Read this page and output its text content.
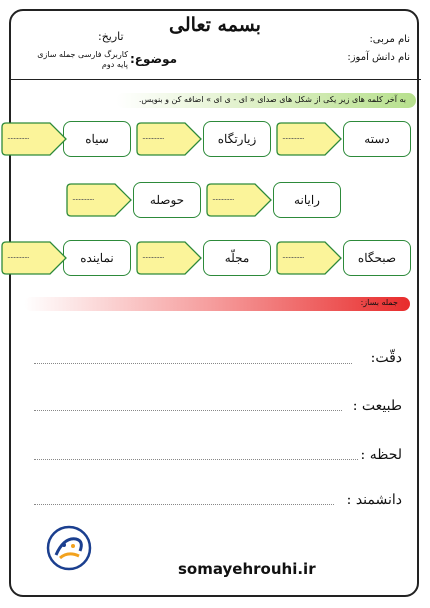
بسمه تعالی
نام مربی:
نام دانش آموز:
تاریخ:
موضوع:
کاربرگ فارسی جمله سازی
پایه دوم
به آخر کلمه های زیر یکی از شکل های صدای « ای - ی ای » اضافه کن و بنویس.
جمله بساز:
دقّت:
طبیعت :
لحظه :
دانشمند :
somayehrouhi.ir
دسته
..............
زیارتگاه
..............
سیاه
..............
رایانه
..............
حوصله
..............
صبحگاه
..............
مجلّه
..............
نماینده
..............
